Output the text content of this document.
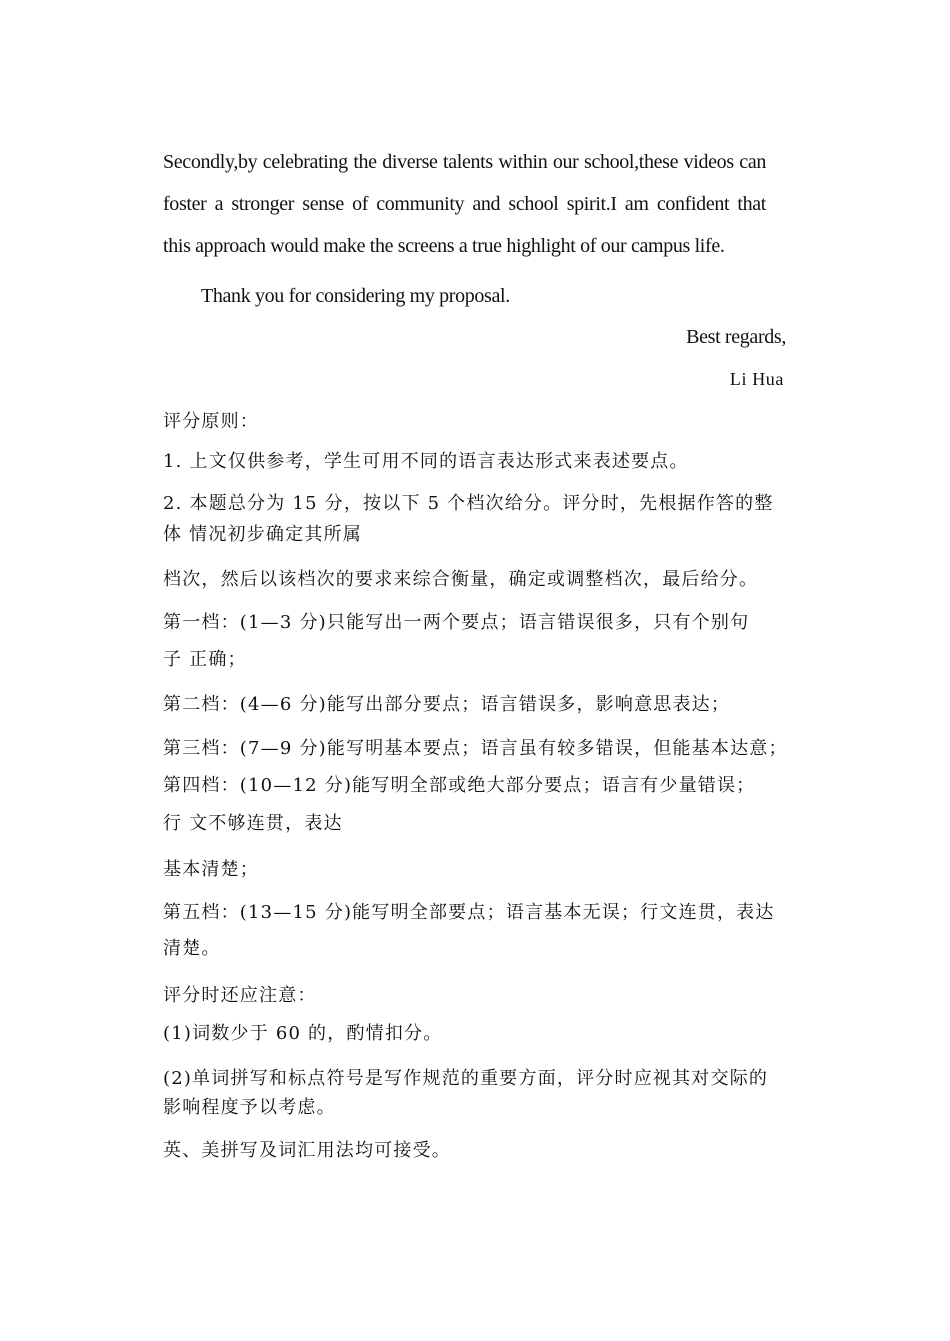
Secondly,by celebrating the diverse talents within our school,these videos can
foster a stronger sense of community and school spirit.I am confident that
this approach would make the screens a true highlight of our campus life.
Thank you for considering my proposal.
Best regards,
Li Hua
评分原则：
1. 上文仅供参考，学生可用不同的语言表达形式来表述要点。
2. 本题总分为 15 分，按以下 5 个档次给分。评分时，先根据作答的整
体 情况初步确定其所属
档次，然后以该档次的要求来综合衡量，确定或调整档次，最后给分。
第一档：(1—3 分)只能写出一两个要点；语言错误很多，只有个别句
子 正确；
第二档：(4—6 分)能写出部分要点；语言错误多，影响意思表达；
第三档：(7—9 分)能写明基本要点；语言虽有较多错误，但能基本达意；
第四档：(10—12 分)能写明全部或绝大部分要点；语言有少量错误；
行 文不够连贯，表达
基本清楚；
第五档：(13—15 分)能写明全部要点；语言基本无误；行文连贯，表达
清楚。
评分时还应注意：
(1)词数少于 60 的，酌情扣分。
(2)单词拼写和标点符号是写作规范的重要方面，评分时应视其对交际的
影响程度予以考虑。
英、美拼写及词汇用法均可接受。
